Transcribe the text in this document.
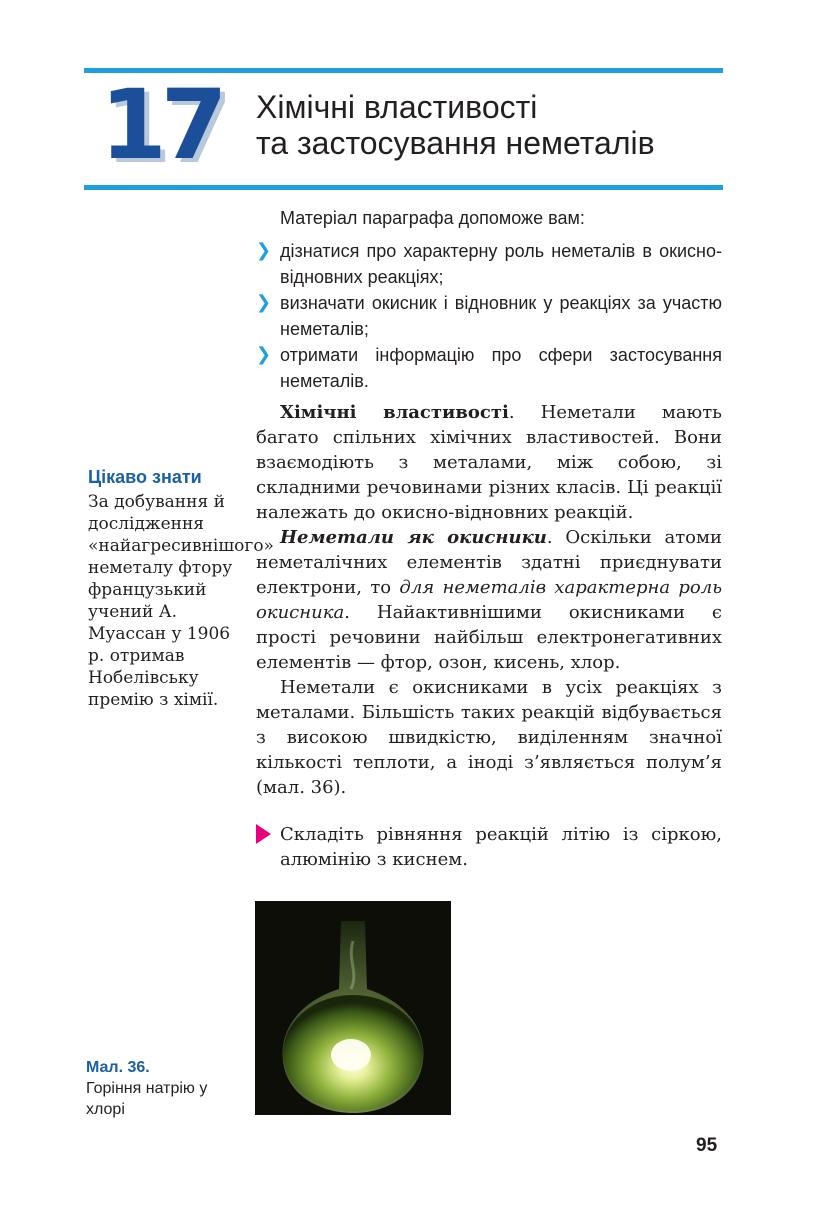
17 Хімічні властивості
та застосування неметалів
Матеріал параграфа допоможе вам:
❯ дізнатися про характерну роль неметалів в окисно-відновних реакціях;
❯ визначати окисник і відновник у реакціях за участю неметалів;
❯ отримати інформацію про сфери застосування неметалів.

Хімічні властивості. Неметали мають багато спільних хімічних властивостей. Вони взаємодіють з металами, між собою, зі складними речовинами різних класів. Ці реакції належать до окисно-відновних реакцій.

Неметали як окисники. Оскільки атоми неметалічних елементів здатні приєднувати електрони, то для неметалів характерна роль окисника. Найактивнішими окисниками є прості речовини найбільш електронегативних елементів — фтор, озон, кисень, хлор.

Неметали є окисниками в усіх реакціях з металами. Більшість таких реакцій відбувається з високою швидкістю, виділенням значної кількості теплоти, а іноді з’являється полум’я (мал. 36).

Складіть рівняння реакцій літію із сіркою, алюмінію з киснем.

Цікаво знати
За добування й дослідження «найагресивнішого» неметалу фтору французький учений А. Муассан у 1906 р. отримав Нобелівську премію з хімії.
Мал. 36.
Горіння натрію у хлорі
95
